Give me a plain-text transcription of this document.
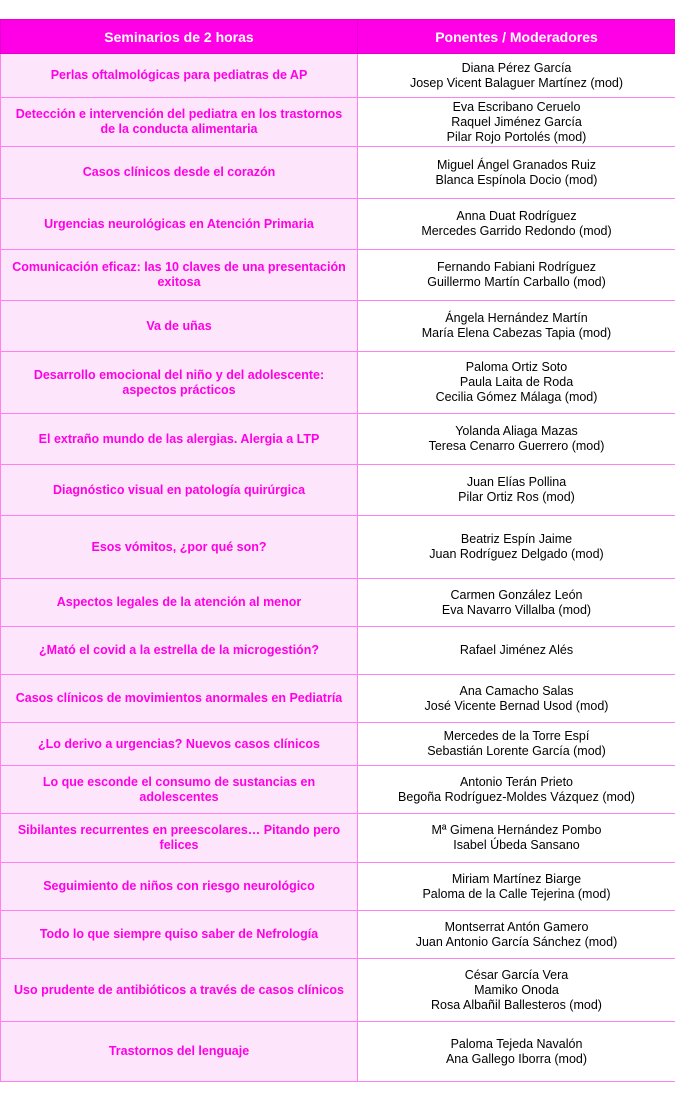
Seminarios de 2 horas	Ponentes / Moderadores
Perlas oftalmológicas para pediatras de AP	Diana Pérez García
Josep Vicent Balaguer Martínez (mod)

Detección e intervención del pediatra en los trastornos de la conducta alimentaria	Eva Escribano Ceruelo
Raquel Jiménez García
Pilar Rojo Portolés (mod)

Casos clínicos desde el corazón	Miguel Ángel Granados Ruiz
Blanca Espínola Docio (mod)

Urgencias neurológicas en Atención Primaria	Anna Duat Rodríguez
Mercedes Garrido Redondo (mod)

Comunicación eficaz: las 10 claves de una presentación exitosa	Fernando Fabiani Rodríguez
Guillermo Martín Carballo (mod)

Va de uñas	Ángela Hernández Martín
María Elena Cabezas Tapia (mod)

Desarrollo emocional del niño y del adolescente: aspectos prácticos	Paloma Ortiz Soto
Paula Laita de Roda
Cecilia Gómez Málaga (mod)

El extraño mundo de las alergias. Alergia a LTP	Yolanda Aliaga Mazas
Teresa Cenarro Guerrero (mod)

Diagnóstico visual en patología quirúrgica	Juan Elías Pollina
Pilar Ortiz Ros (mod)

Esos vómitos, ¿por qué son?	Beatriz Espín Jaime
Juan Rodríguez Delgado (mod)

Aspectos legales de la atención al menor	Carmen González León
Eva Navarro Villalba (mod)

¿Mató el covid a la estrella de la microgestión?	Rafael Jiménez Alés

Casos clínicos de movimientos anormales en Pediatría	Ana Camacho Salas
José Vicente Bernad Usod (mod)

¿Lo derivo a urgencias? Nuevos casos clínicos	Mercedes de la Torre Espí
Sebastián Lorente García (mod)

Lo que esconde el consumo de sustancias en adolescentes	Antonio Terán Prieto
Begoña Rodríguez-Moldes Vázquez (mod)

Sibilantes recurrentes en preescolares… Pitando pero felices	Mª Gimena Hernández Pombo
Isabel Úbeda Sansano

Seguimiento de niños con riesgo neurológico	Miriam Martínez Biarge
Paloma de la Calle Tejerina (mod)

Todo lo que siempre quiso saber de Nefrología	Montserrat Antón Gamero
Juan Antonio García Sánchez (mod)

Uso prudente de antibióticos a través de casos clínicos	César García Vera
Mamiko Onoda
Rosa Albañil Ballesteros (mod)

Trastornos del lenguaje	Paloma Tejeda Navalón
Ana Gallego Iborra (mod)
